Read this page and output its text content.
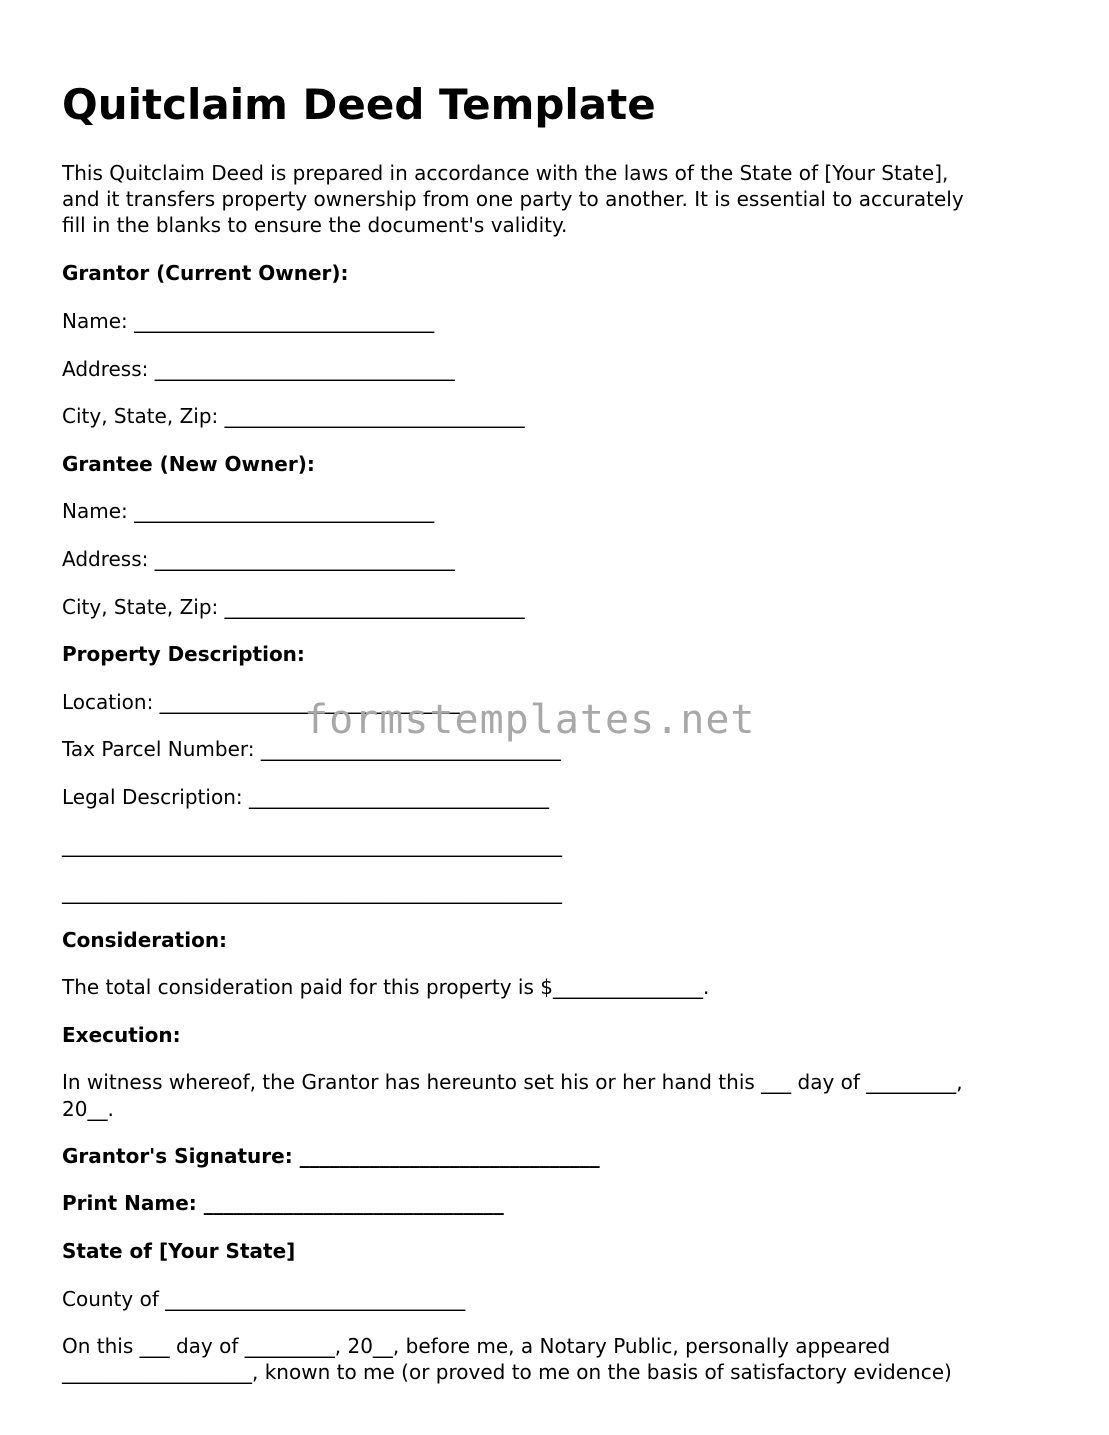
Quitclaim Deed Template

This Quitclaim Deed is prepared in accordance with the laws of the State of [Your State],

and it transfers property ownership from one party to another. It is essential to accurately

fill in the blanks to ensure the document's validity.

Grantor (Current Owner):

Name: ______________________________

Address: ______________________________

City, State, Zip: ______________________________

Grantee (New Owner):

Name: ______________________________

Address: ______________________________

City, State, Zip: ______________________________

Property Description:

Location: ______________________________

Tax Parcel Number: ______________________________

Legal Description: ______________________________

__________________________________________________

__________________________________________________

Consideration:

The total consideration paid for this property is $_______________.

Execution:

In witness whereof, the Grantor has hereunto set his or her hand this ___ day of _________,

20__.

Grantor's Signature: ______________________________

Print Name: ______________________________

State of [Your State]

County of ______________________________

On this ___ day of _________, 20__, before me, a Notary Public, personally appeared

___________________, known to me (or proved to me on the basis of satisfactory evidence)

formstemplates.net
